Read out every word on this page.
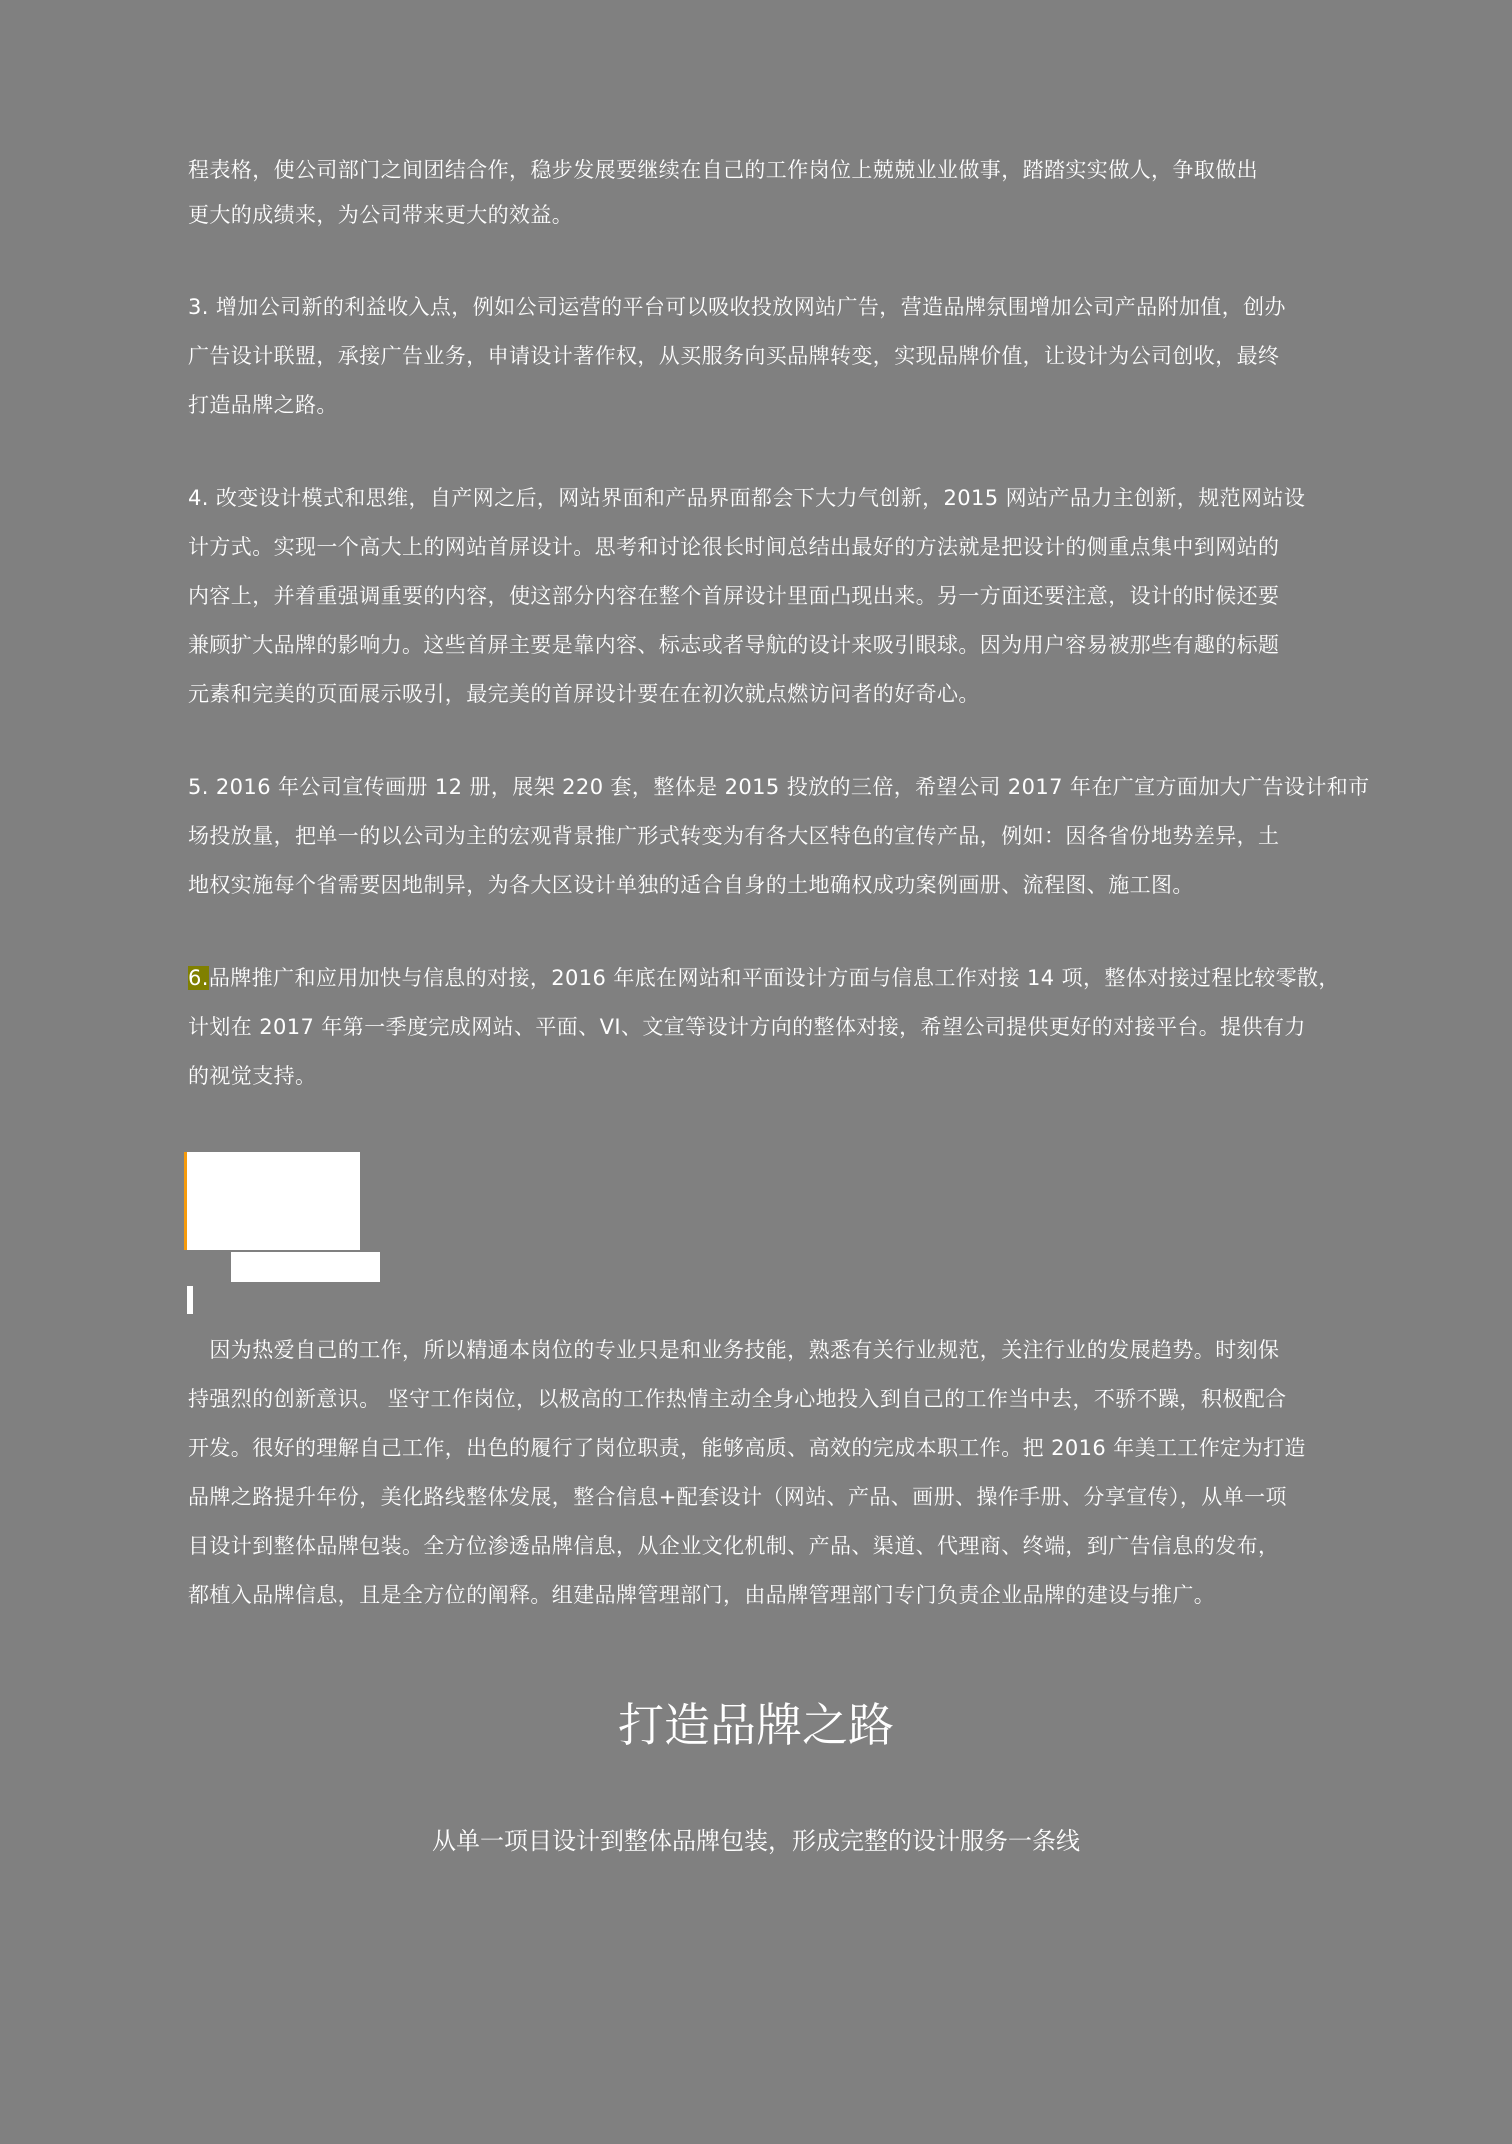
程表格，使公司部门之间团结合作，稳步发展要继续在自己的工作岗位上兢兢业业做事，踏踏实实做人，争取做出
更大的成绩来，为公司带来更大的效益。
3. 增加公司新的利益收入点，例如公司运营的平台可以吸收投放网站广告，营造品牌氛围增加公司产品附加值，创办
广告设计联盟，承接广告业务，申请设计著作权，从买服务向买品牌转变，实现品牌价值，让设计为公司创收，最终
打造品牌之路。
4. 改变设计模式和思维，自产网之后，网站界面和产品界面都会下大力气创新，2015 网站产品力主创新，规范网站设
计方式。实现一个高大上的网站首屏设计。思考和讨论很长时间总结出最好的方法就是把设计的侧重点集中到网站的
内容上，并着重强调重要的内容，使这部分内容在整个首屏设计里面凸现出来。另一方面还要注意，设计的时候还要
兼顾扩大品牌的影响力。这些首屏主要是靠内容、标志或者导航的设计来吸引眼球。因为用户容易被那些有趣的标题
元素和完美的页面展示吸引，最完美的首屏设计要在在初次就点燃访问者的好奇心。
5. 2016 年公司宣传画册 12 册，展架 220 套，整体是 2015 投放的三倍，希望公司 2017 年在广宣方面加大广告设计和市
场投放量，把单一的以公司为主的宏观背景推广形式转变为有各大区特色的宣传产品，例如：因各省份地势差异，土
地权实施每个省需要因地制异，为各大区设计单独的适合自身的土地确权成功案例画册、流程图、施工图。
6.品牌推广和应用加快与信息的对接，2016 年底在网站和平面设计方面与信息工作对接 14 项，整体对接过程比较零散，
计划在 2017 年第一季度完成网站、平面、VI、文宣等设计方向的整体对接，希望公司提供更好的对接平台。提供有力
的视觉支持。
　因为热爱自己的工作，所以精通本岗位的专业只是和业务技能，熟悉有关行业规范，关注行业的发展趋势。时刻保
持强烈的创新意识。 坚守工作岗位，以极高的工作热情主动全身心地投入到自己的工作当中去，不骄不躁，积极配合
开发。很好的理解自己工作，出色的履行了岗位职责，能够高质、高效的完成本职工作。把 2016 年美工工作定为打造
品牌之路提升年份，美化路线整体发展，整合信息+配套设计（网站、产品、画册、操作手册、分享宣传），从单一项
目设计到整体品牌包装。全方位渗透品牌信息，从企业文化机制、产品、渠道、代理商、终端，到广告信息的发布，
都植入品牌信息，且是全方位的阐释。组建品牌管理部门，由品牌管理部门专门负责企业品牌的建设与推广。
打造品牌之路
从单一项目设计到整体品牌包装，形成完整的设计服务一条线
